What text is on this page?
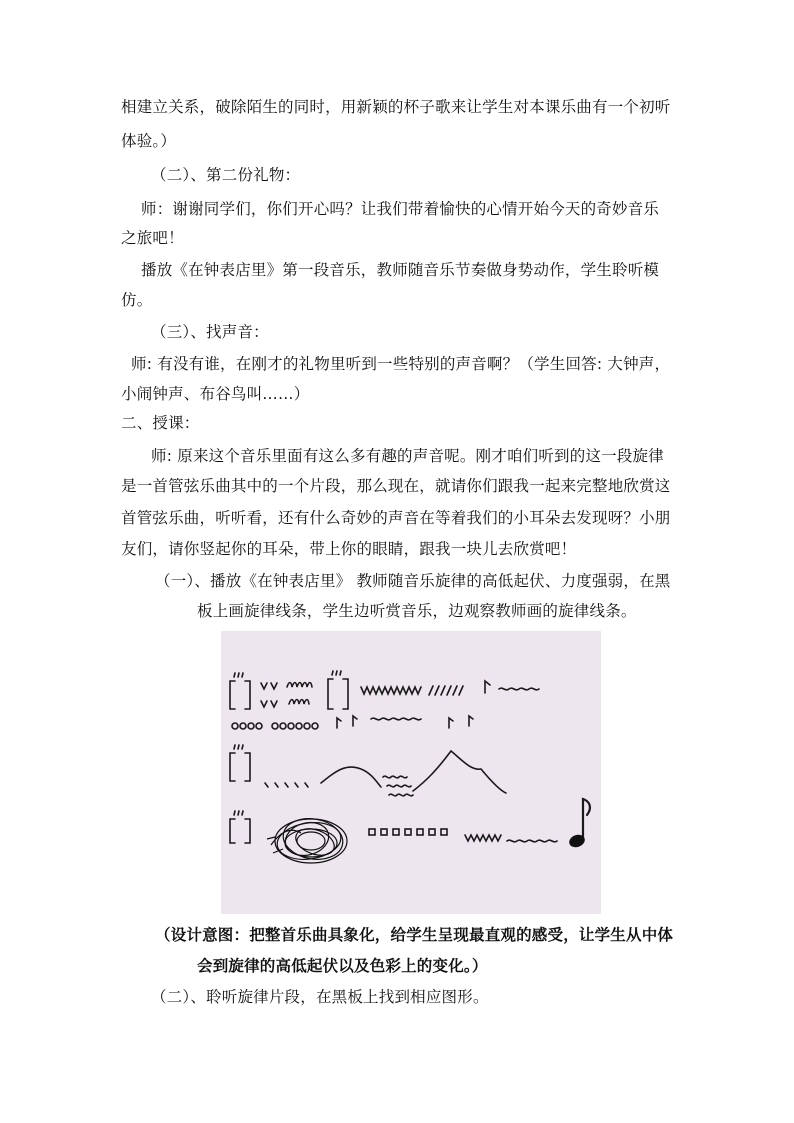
相建立关系，破除陌生的同时，用新颖的杯子歌来让学生对本课乐曲有一个初听
体验。）
（二）、第二份礼物：
师：谢谢同学们，你们开心吗？让我们带着愉快的心情开始今天的奇妙音乐
之旅吧！
播放《在钟表店里》第一段音乐，教师随音乐节奏做身势动作，学生聆听模
仿。
（三）、找声音：
师: 有没有谁，在刚才的礼物里听到一些特别的声音啊？（学生回答: 大钟声，
小闹钟声、布谷鸟叫……）
二、授课：
师: 原来这个音乐里面有这么多有趣的声音呢。刚才咱们听到的这一段旋律
是一首管弦乐曲其中的一个片段，那么现在，就请你们跟我一起来完整地欣赏这
首管弦乐曲，听听看，还有什么奇妙的声音在等着我们的小耳朵去发现呀？小朋
友们，请你竖起你的耳朵，带上你的眼睛，跟我一块儿去欣赏吧！
（一）、播放《在钟表店里》 教师随音乐旋律的高低起伏、力度强弱，在黑
板上画旋律线条，学生边听赏音乐，边观察教师画的旋律线条。
（设计意图：把整首乐曲具象化，给学生呈现最直观的感受，让学生从中体
会到旋律的高低起伏以及色彩上的变化。）
（二）、聆听旋律片段，在黑板上找到相应图形。
